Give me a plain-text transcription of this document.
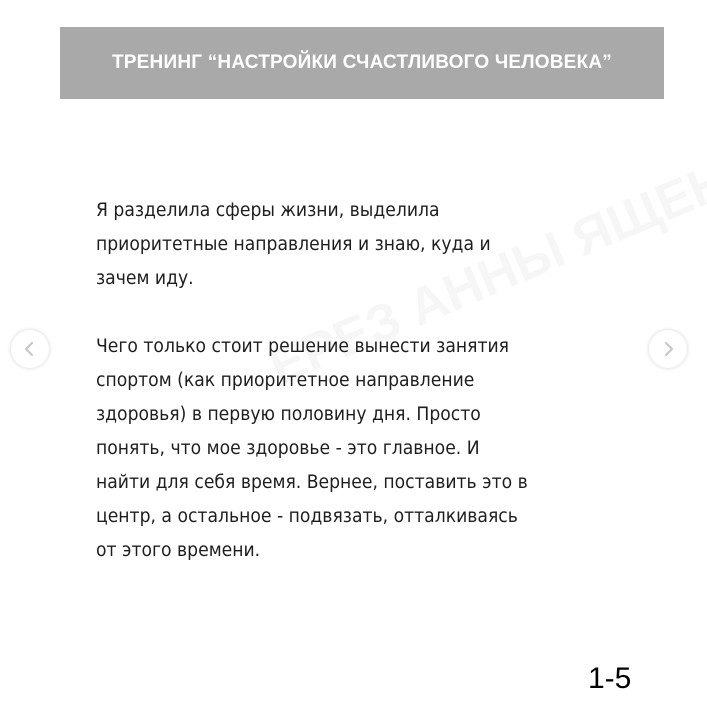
ТРЕНИНГ “НАСТРОЙКИ СЧАСТЛИВОГО ЧЕЛОВЕКА”
Я разделила сферы жизни, выделила
приоритетные направления и знаю, куда и
зачем иду.
Чего только стоит решение вынести занятия
спортом (как приоритетное направление
здоровья) в первую половину дня. Просто
понять, что мое здоровье - это главное. И
найти для себя время. Вернее, поставить это в
центр, а остальное - подвязать, отталкиваясь
от этого времени.
1-5
